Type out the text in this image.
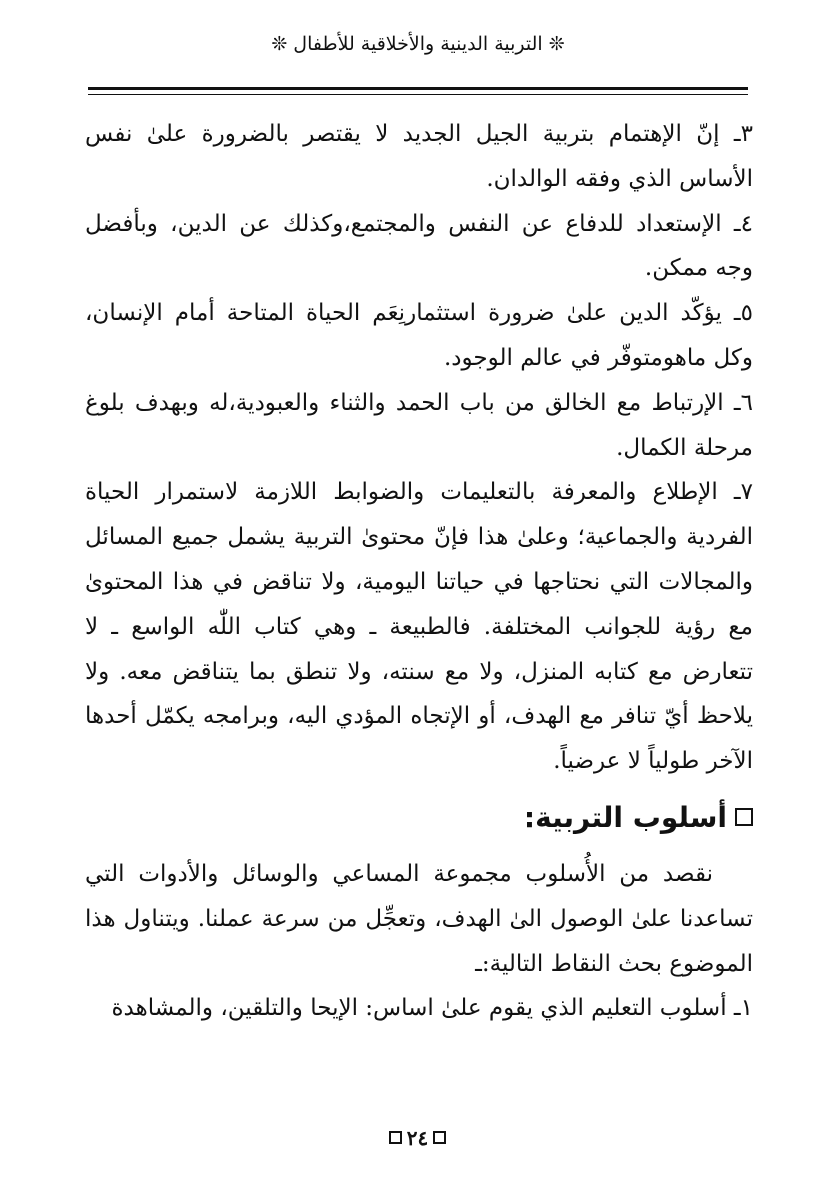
❊ التربية الدينية والأخلاقية للأطفال ❊

٣ـ إنّ الإهتمام بتربية الجيل الجديد لا يقتصر بالضرورة علىٰ نفس الأساس الذي وفقه الوالدان.

٤ـ الإستعداد للدفاع عن النفس والمجتمع،وكذلك عن الدين، وبأفضل وجه ممكن.

٥ـ يؤكّد الدين علىٰ ضرورة استثمارنِعَم الحياة المتاحة أمام الإنسان، وكل ماهومتوفّر في عالم الوجود.

٦ـ الإرتباط مع الخالق من باب الحمد والثناء والعبودية،له وبهدف بلوغ مرحلة الكمال.

٧ـ الإطلاع والمعرفة بالتعليمات والضوابط اللازمة لاستمرار الحياة الفردية والجماعية؛ وعلىٰ هذا فإنّ محتوىٰ التربية يشمل جميع المسائل والمجالات التي نحتاجها في حياتنا اليومية، ولا تناقض في هذا المحتوىٰ مع رؤية للجوانب المختلفة. فالطبيعة ـ وهي كتاب اللّٰه الواسع ـ لا تتعارض مع كتابه المنزل، ولا مع سنته، ولا تنطق بما يتناقض معه. ولا يلاحظ أيّ تنافر مع الهدف، أو الإتجاه المؤدي اليه، وبرامجه يكمّل أحدها الآخر طولياً لا عرضياً.

أسلوب التربية:

نقصد من الأُسلوب مجموعة المساعي والوسائل والأدوات التي تساعدنا علىٰ الوصول الىٰ الهدف، وتعجِّل من سرعة عملنا. ويتناول هذا الموضوع بحث النقاط التالية:ـ

١ـ أسلوب التعليم الذي يقوم علىٰ اساس: الإيحا والتلقين، والمشاهدة

٢٤
